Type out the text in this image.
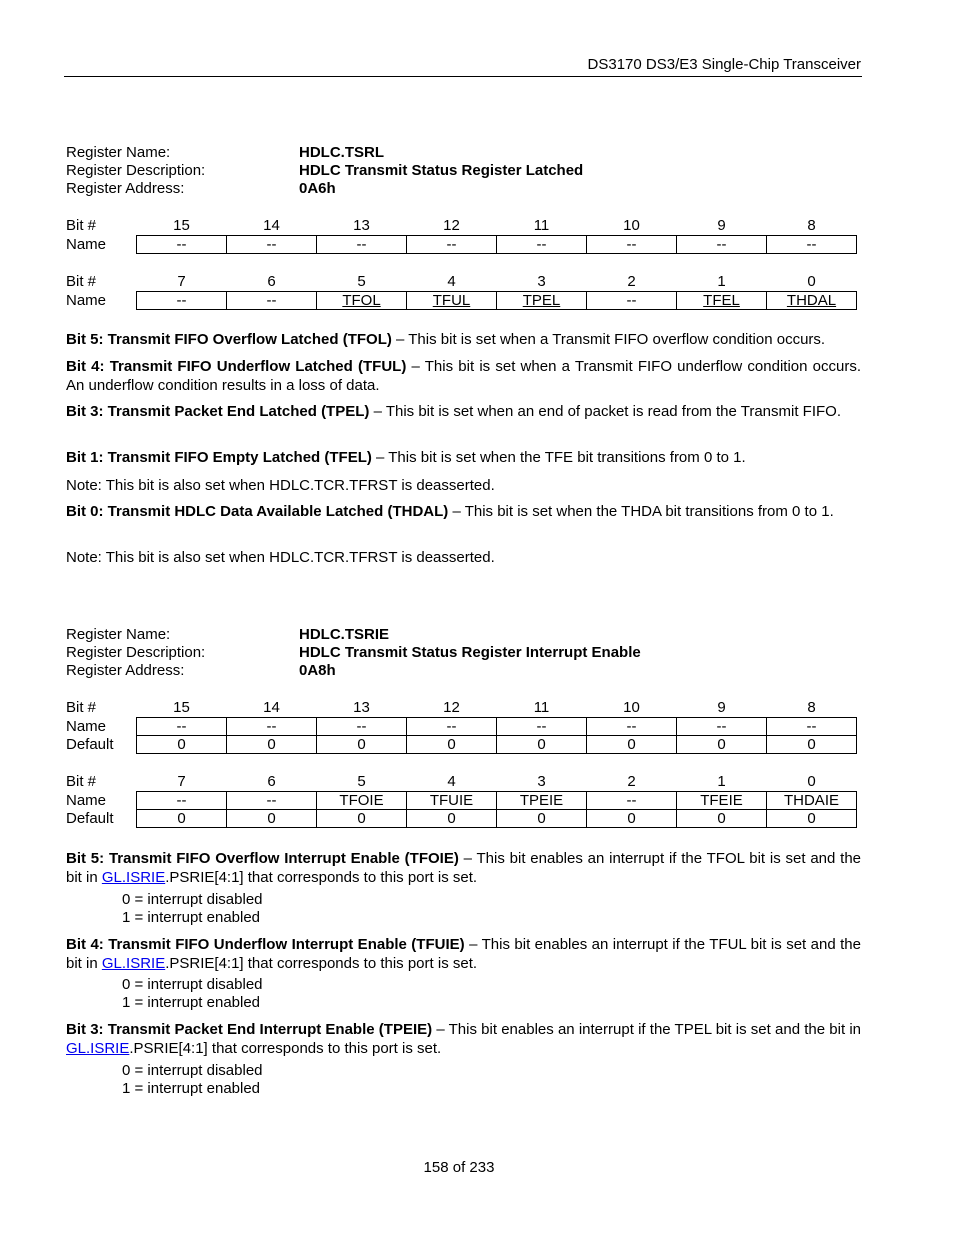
DS3170 DS3/E3 Single-Chip Transceiver
Register Name:	HDLC.TSRL
Register Description:	HDLC Transmit Status Register Latched
Register Address:	0A6h
Bit #	15	14	13	12	11	10	9	8
Name	--	--	--	--	--	--	--	--
Bit #	7	6	5	4	3	2	1	0
Name	--	--	TFOL	TFUL	TPEL	--	TFEL	THDAL
Bit 5: Transmit FIFO Overflow Latched (TFOL) – This bit is set when a Transmit FIFO overflow condition occurs.
Bit 4: Transmit FIFO Underflow Latched (TFUL) – This bit is set when a Transmit FIFO underflow condition occurs. An underflow condition results in a loss of data.
Bit 3: Transmit Packet End Latched (TPEL) – This bit is set when an end of packet is read from the Transmit FIFO.
Bit 1: Transmit FIFO Empty Latched (TFEL) – This bit is set when the TFE bit transitions from 0 to 1.
Note: This bit is also set when HDLC.TCR.TFRST is deasserted.
Bit 0: Transmit HDLC Data Available Latched (THDAL) – This bit is set when the THDA bit transitions from 0 to 1.
Note: This bit is also set when HDLC.TCR.TFRST is deasserted.
Register Name:	HDLC.TSRIE
Register Description:	HDLC Transmit Status Register Interrupt Enable
Register Address:	0A8h
Bit #	15	14	13	12	11	10	9	8
Name	--	--	--	--	--	--	--	--
Default	0	0	0	0	0	0	0	0
Bit #	7	6	5	4	3	2	1	0
Name	--	--	TFOIE	TFUIE	TPEIE	--	TFEIE	THDAIE
Default	0	0	0	0	0	0	0	0
Bit 5: Transmit FIFO Overflow Interrupt Enable (TFOIE) – This bit enables an interrupt if the TFOL bit is set and the bit in GL.ISRIE.PSRIE[4:1] that corresponds to this port is set.
0 = interrupt disabled
1 = interrupt enabled
Bit 4: Transmit FIFO Underflow Interrupt Enable (TFUIE) – This bit enables an interrupt if the TFUL bit is set and the bit in GL.ISRIE.PSRIE[4:1] that corresponds to this port is set.
0 = interrupt disabled
1 = interrupt enabled
Bit 3: Transmit Packet End Interrupt Enable (TPEIE) – This bit enables an interrupt if the TPEL bit is set and the bit in GL.ISRIE.PSRIE[4:1] that corresponds to this port is set.
0 = interrupt disabled
1 = interrupt enabled
158 of 233
